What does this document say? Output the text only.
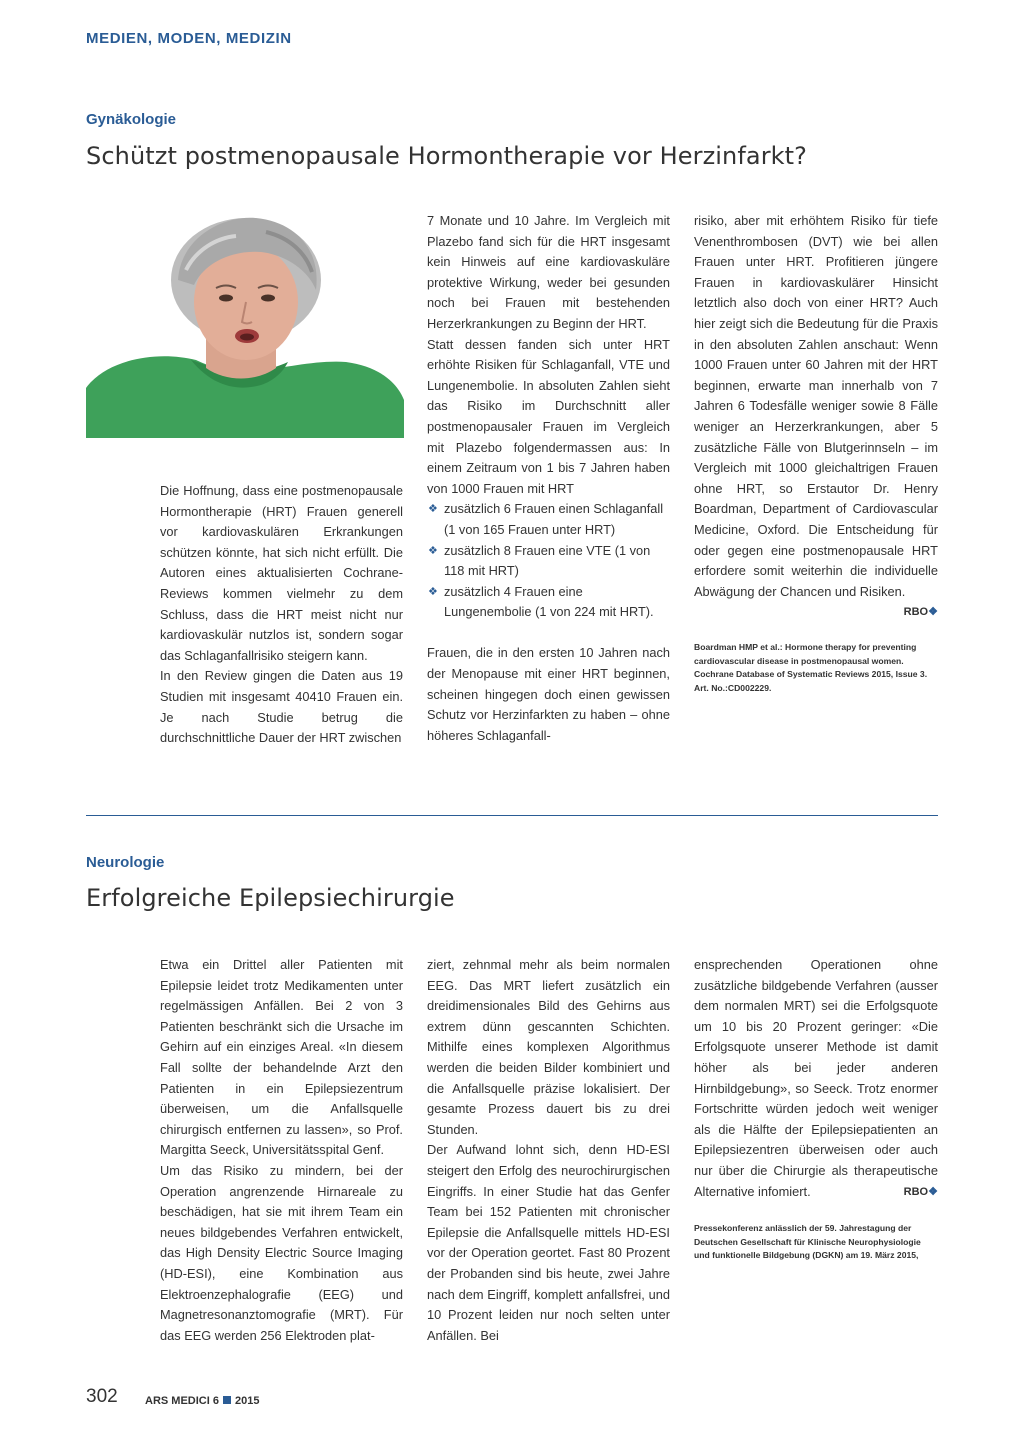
MEDIEN, MODEN, MEDIZIN
Gynäkologie
Schützt postmenopausale Hormontherapie vor Herzinfarkt?

Die Hoffnung, dass eine postmenopausale Hormontherapie (HRT) Frauen generell vor kardiovaskulären Erkrankungen schützen könnte, hat sich nicht erfüllt. Die Autoren eines aktualisierten Cochrane-Reviews kommen vielmehr zu dem Schluss, dass die HRT meist nicht nur kardiovaskulär nutzlos ist, sondern sogar das Schlaganfallrisiko steigern kann.

In den Review gingen die Daten aus 19 Studien mit insgesamt 40410 Frauen ein. Je nach Studie betrug die durchschnittliche Dauer der HRT zwischen

7 Monate und 10 Jahre. Im Vergleich mit Plazebo fand sich für die HRT insgesamt kein Hinweis auf eine kardiovaskuläre protektive Wirkung, weder bei gesunden noch bei Frauen mit bestehenden Herzerkrankungen zu Beginn der HRT.

Statt dessen fanden sich unter HRT erhöhte Risiken für Schlaganfall, VTE und Lungenembolie. In absoluten Zahlen sieht das Risiko im Durchschnitt aller postmenopausaler Frauen im Vergleich mit Plazebo folgendermassen aus: In einem Zeitraum von 1 bis 7 Jahren haben von 1000 Frauen mit HRT

❖ zusätzlich 6 Frauen einen Schlaganfall (1 von 165 Frauen unter HRT)
❖ zusätzlich 8 Frauen eine VTE (1 von 118 mit HRT)
❖ zusätzlich 4 Frauen eine Lungenembolie (1 von 224 mit HRT).

Frauen, die in den ersten 10 Jahren nach der Menopause mit einer HRT beginnen, scheinen hingegen doch einen gewissen Schutz vor Herzinfarkten zu haben – ohne höheres Schlaganfall-

risiko, aber mit erhöhtem Risiko für tiefe Venenthrombosen (DVT) wie bei allen Frauen unter HRT. Profitieren jüngere Frauen in kardiovaskulärer Hinsicht letztlich also doch von einer HRT? Auch hier zeigt sich die Bedeutung für die Praxis in den absoluten Zahlen anschaut: Wenn 1000 Frauen unter 60 Jahren mit der HRT beginnen, erwarte man innerhalb von 7 Jahren 6 Todesfälle weniger sowie 8 Fälle weniger an Herzerkrankungen, aber 5 zusätzliche Fälle von Blutgerinnseln – im Vergleich mit 1000 gleichaltrigen Frauen ohne HRT, so Erstautor Dr. Henry Boardman, Department of Cardiovascular Medicine, Oxford. Die Entscheidung für oder gegen eine postmenopausale HRT erfordere somit weiterhin die individuelle Abwägung der Chancen und Risiken.
RBO❖

Boardman HMP et al.: Hormone therapy for preventing cardiovascular disease in postmenopausal women. Cochrane Database of Systematic Reviews 2015, Issue 3. Art. No.:CD002229.
Neurologie
Erfolgreiche Epilepsiechirurgie

Etwa ein Drittel aller Patienten mit Epilepsie leidet trotz Medikamenten unter regelmässigen Anfällen. Bei 2 von 3 Patienten beschränkt sich die Ursache im Gehirn auf ein einziges Areal. «In diesem Fall sollte der behandelnde Arzt den Patienten in ein Epilepsiezentrum überweisen, um die Anfallsquelle chirurgisch entfernen zu lassen», so Prof. Margitta Seeck, Universitätsspital Genf.

Um das Risiko zu mindern, bei der Operation angrenzende Hirnareale zu beschädigen, hat sie mit ihrem Team ein neues bildgebendes Verfahren entwickelt, das High Density Electric Source Imaging (HD-ESI), eine Kombination aus Elektroenzephalografie (EEG) und Magnetresonanztomografie (MRT). Für das EEG werden 256 Elektroden plat-

ziert, zehnmal mehr als beim normalen EEG. Das MRT liefert zusätzlich ein dreidimensionales Bild des Gehirns aus extrem dünn gescannten Schichten. Mithilfe eines komplexen Algorithmus werden die beiden Bilder kombiniert und die Anfallsquelle präzise lokalisiert. Der gesamte Prozess dauert bis zu drei Stunden.

Der Aufwand lohnt sich, denn HD-ESI steigert den Erfolg des neurochirurgischen Eingriffs. In einer Studie hat das Genfer Team bei 152 Patienten mit chronischer Epilepsie die Anfallsquelle mittels HD-ESI vor der Operation geortet. Fast 80 Prozent der Probanden sind bis heute, zwei Jahre nach dem Eingriff, komplett anfallsfrei, und 10 Prozent leiden nur noch selten unter Anfällen. Bei

ensprechenden Operationen ohne zusätzliche bildgebende Verfahren (ausser dem normalen MRT) sei die Erfolgsquote um 10 bis 20 Prozent geringer: «Die Erfolgsquote unserer Methode ist damit höher als bei jeder anderen Hirnbildgebung», so Seeck. Trotz enormer Fortschritte würden jedoch weit weniger als die Hälfte der Epilepsiepatienten an Epilepsiezentren überweisen oder auch nur über die Chirurgie als therapeutische Alternative infomiert.	RBO❖

Pressekonferenz anlässlich der 59. Jahrestagung der Deutschen Gesellschaft für Klinische Neurophysiologie und funktionelle Bildgebung (DGKN) am 19. März 2015,
302 ARS MEDICI 6 2015
